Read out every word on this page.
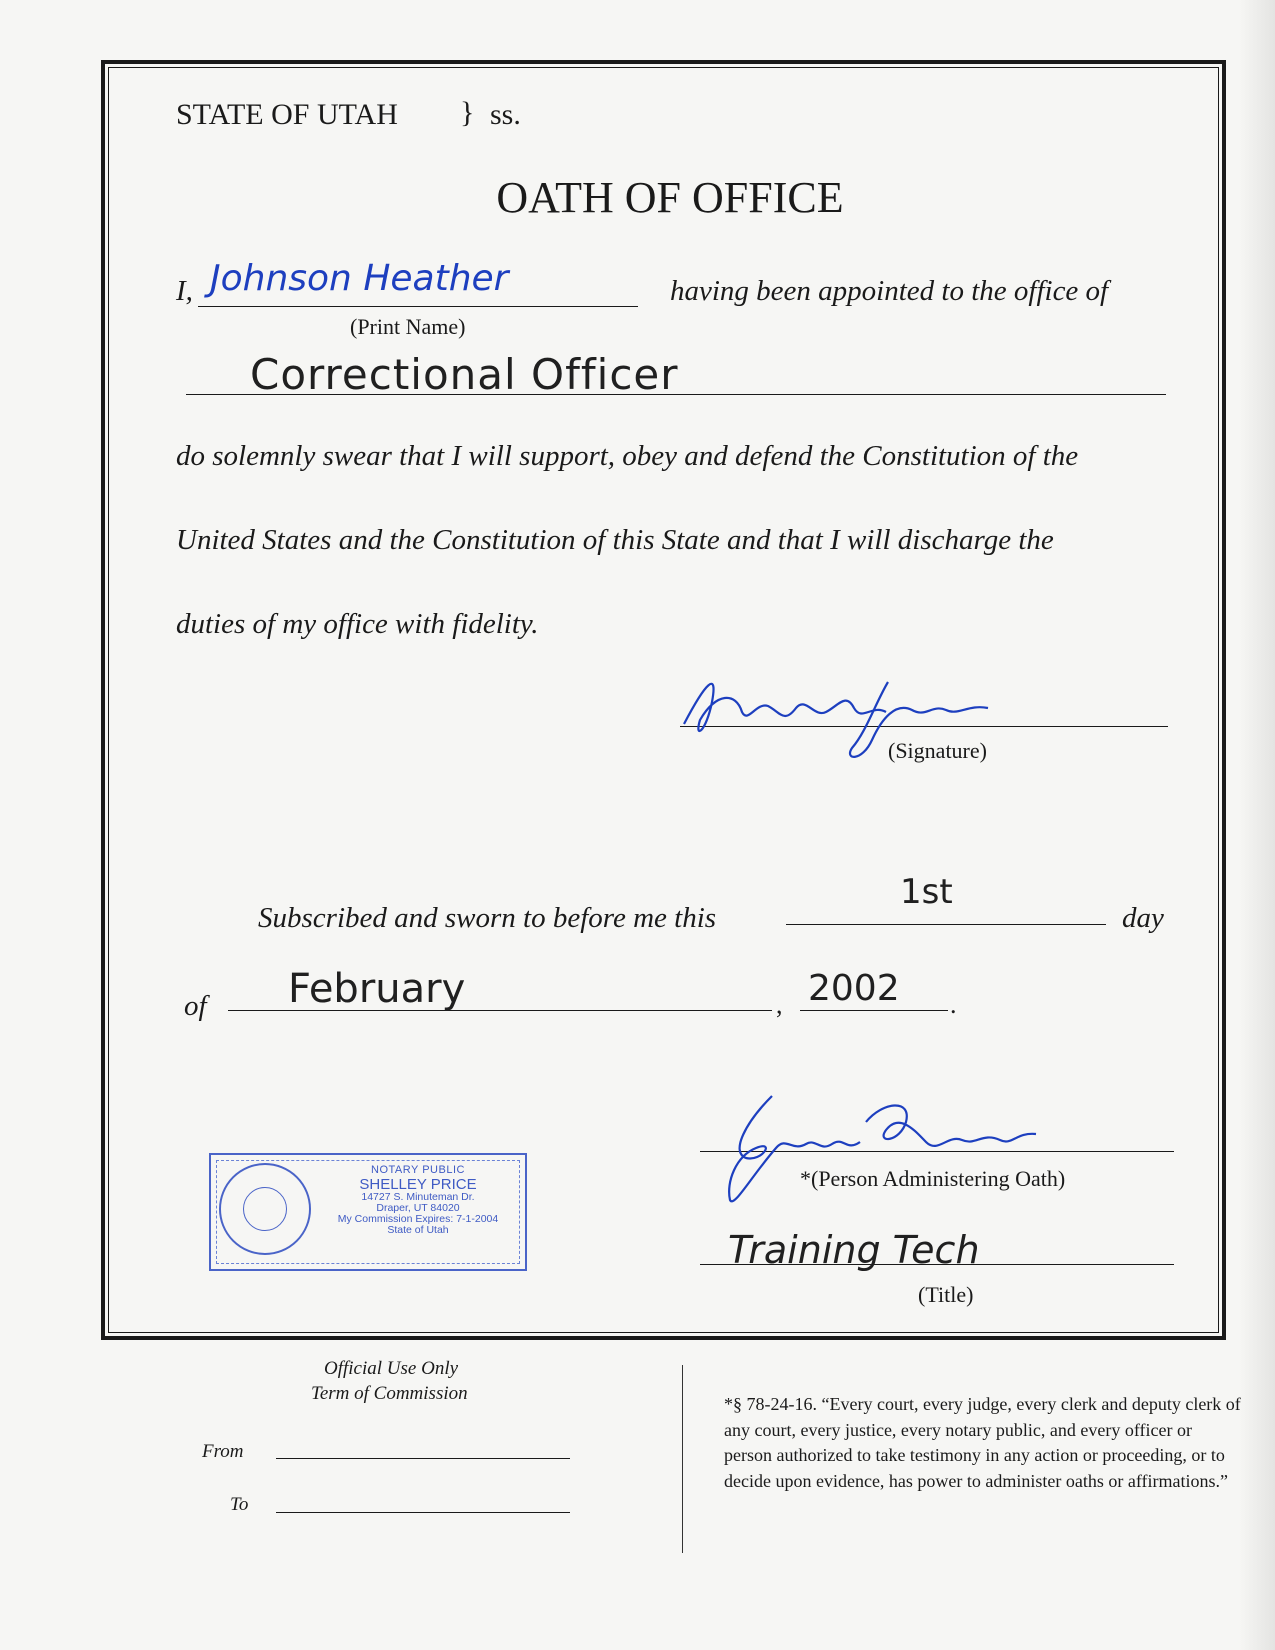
STATE OF UTAH } ss.
OATH OF OFFICE
I, Johnson Heather
(Print Name)
having been appointed to the office of
Correctional Officer
do solemnly swear that I will support, obey and defend the Constitution of the
United States and the Constitution of this State and that I will discharge the
duties of my office with fidelity.
(Signature)
Subscribed and sworn to before me this
1st
day
of February	, 2002 .
*(Person Administering Oath)
Training Tech
(Title)
NOTARY PUBLIC
SHELLEY PRICE
14727 S. Minuteman Dr.
Draper, UT 84020
My Commission Expires: 7-1-2004
State of Utah
Official Use Only
Term of Commission
From
To
*§ 78-24-16. “Every court, every judge, every clerk and deputy clerk of any court, every justice, every notary public, and every officer or person authorized to take testimony in any action or proceeding, or to decide upon evidence, has power to administer oaths or affirmations.”
